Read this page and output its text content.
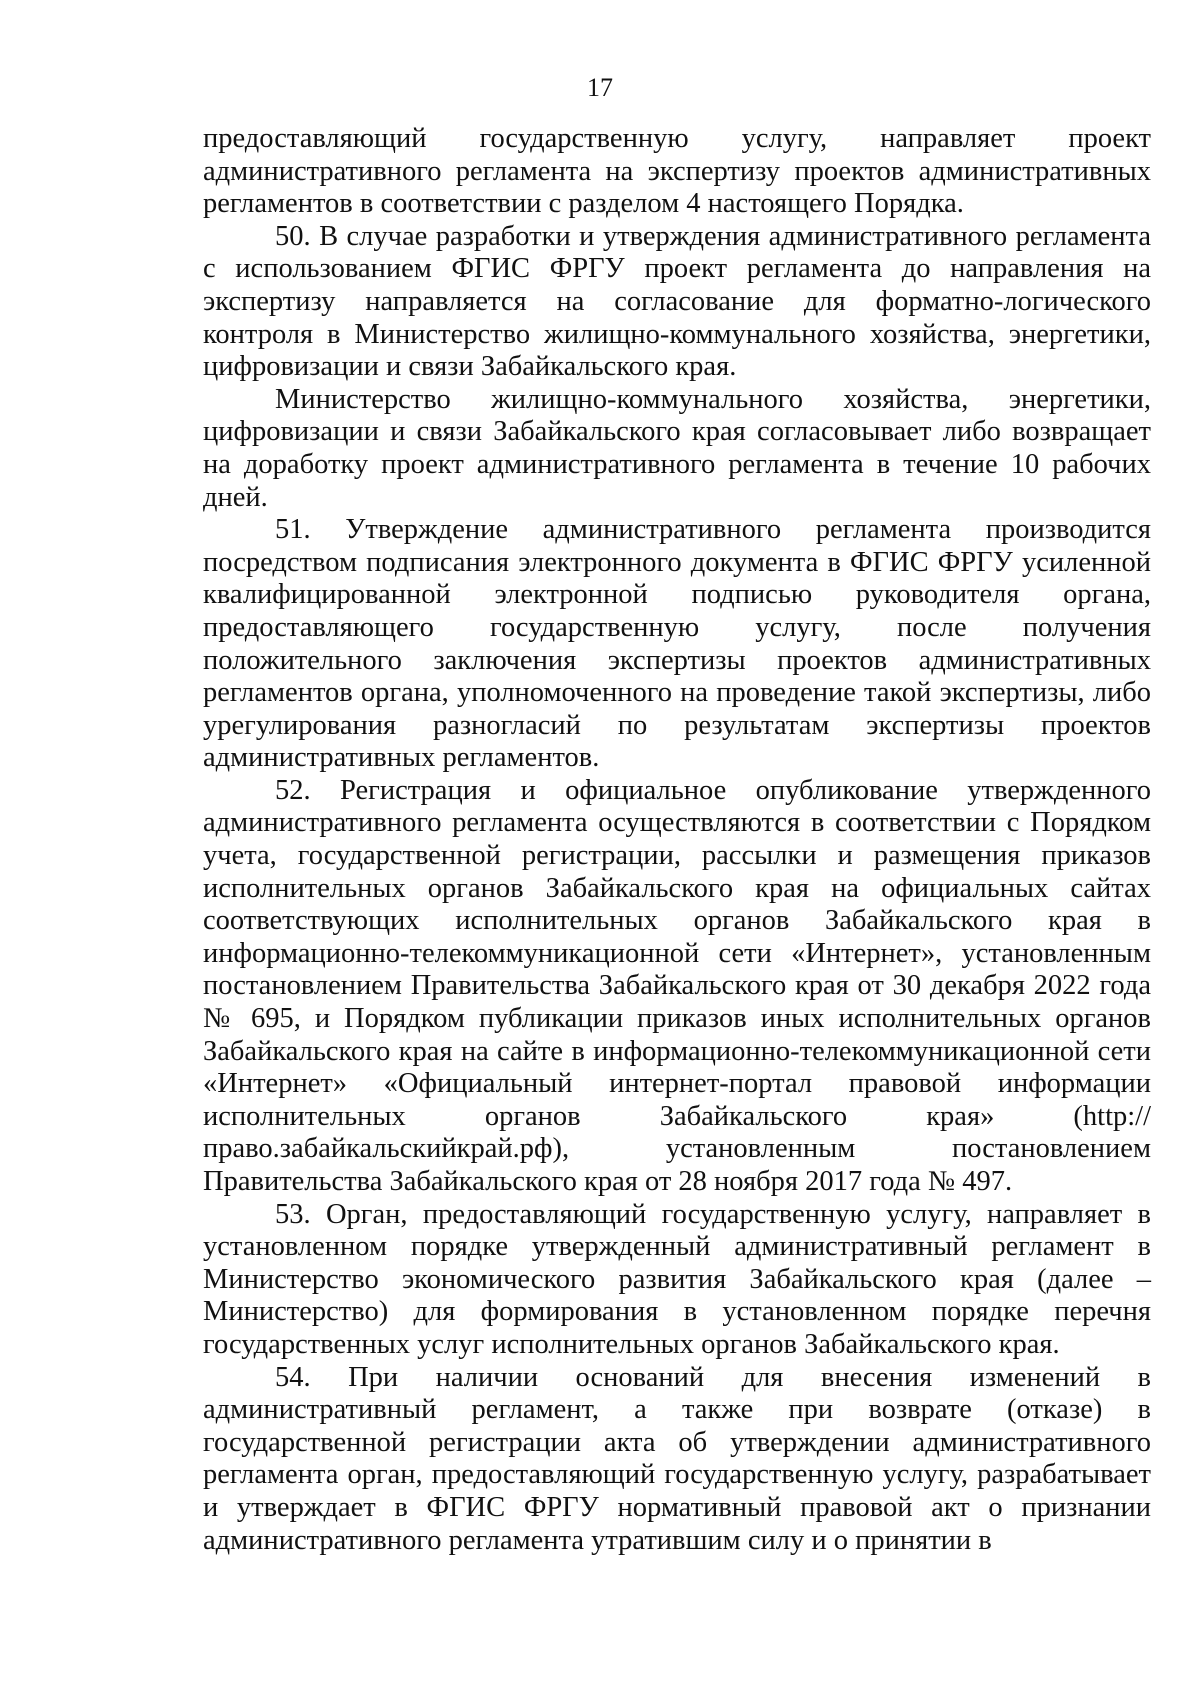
17

предоставляющий государственную услугу, направляет проект административного регламента на экспертизу проектов административных регламентов в соответствии с разделом 4 настоящего Порядка.

50. В случае разработки и утверждения административного регламента с использованием ФГИС ФРГУ проект регламента до направления на экспертизу направляется на согласование для форматно-логического контроля в Министерство жилищно-коммунального хозяйства, энергетики, цифровизации и связи Забайкальского края.

Министерство жилищно-коммунального хозяйства, энергетики, цифровизации и связи Забайкальского края согласовывает либо возвращает на доработку проект административного регламента в течение 10 рабочих дней.

51. Утверждение административного регламента производится посредством подписания электронного документа в ФГИС ФРГУ усиленной квалифицированной электронной подписью руководителя органа, предоставляющего государственную услугу, после получения положительного заключения экспертизы проектов административных регламентов органа, уполномоченного на проведение такой экспертизы, либо урегулирования разногласий по результатам экспертизы проектов административных регламентов.

52. Регистрация и официальное опубликование утвержденного административного регламента осуществляются в соответствии с Порядком учета, государственной регистрации, рассылки и размещения приказов исполнительных органов Забайкальского края на официальных сайтах соответствующих исполнительных органов Забайкальского края в информационно-телекоммуникационной сети «Интернет», установленным постановлением Правительства Забайкальского края от 30 декабря 2022 года № 695, и Порядком публикации приказов иных исполнительных органов Забайкальского края на сайте в информационно-телекоммуникационной сети «Интернет» «Официальный интернет-портал правовой информации исполнительных органов Забайкальского края» (http://право.забайкальскийкрай.рф), установленным постановлением Правительства Забайкальского края от 28 ноября 2017 года № 497.

53. Орган, предоставляющий государственную услугу, направляет в установленном порядке утвержденный административный регламент в Министерство экономического развития Забайкальского края (далее – Министерство) для формирования в установленном порядке перечня государственных услуг исполнительных органов Забайкальского края.

54. При наличии оснований для внесения изменений в административный регламент, а также при возврате (отказе) в государственной регистрации акта об утверждении административного регламента орган, предоставляющий государственную услугу, разрабатывает и утверждает в ФГИС ФРГУ нормативный правовой акт о признании административного регламента утратившим силу и о принятии в
